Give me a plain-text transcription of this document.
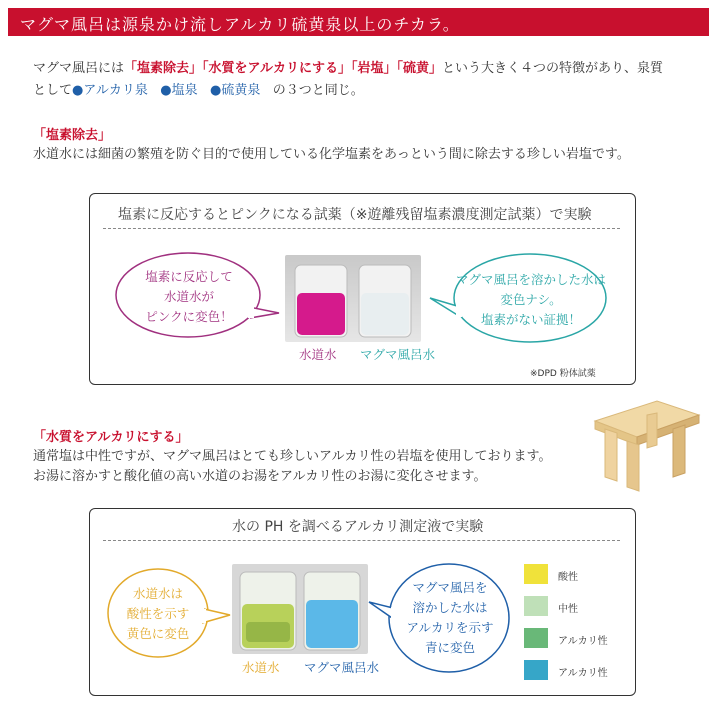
マグマ風呂は源泉かけ流しアルカリ硫黄泉以上のチカラ。
マグマ風呂には「塩素除去」「水質をアルカリにする」「岩塩」「硫黄」という大きく４つの特徴があり、泉質
として●アルカリ泉 ●塩泉 ●硫黄泉 の３つと同じ。
「塩素除去」
水道水には細菌の繁殖を防ぐ目的で使用している化学塩素をあっという間に除去する珍しい岩塩です。
塩素に反応するとピンクになる試薬（※遊離残留塩素濃度測定試薬）で実験
塩素に反応して
水道水が
ピンクに変色！
水道水 マグマ風呂水
マグマ風呂を溶かした水は
変色ナシ。
塩素がない証拠！
※DPD 粉体試薬
「水質をアルカリにする」
通常塩は中性ですが、マグマ風呂はとても珍しいアルカリ性の岩塩を使用しております。
お湯に溶かすと酸化値の高い水道のお湯をアルカリ性のお湯に変化させます。
水の PH を調べるアルカリ測定液で実験
水道水は
酸性を示す
黄色に変色
水道水 マグマ風呂水
マグマ風呂を
溶かした水は
アルカリを示す
青に変色
酸性
中性
アルカリ性
アルカリ性
